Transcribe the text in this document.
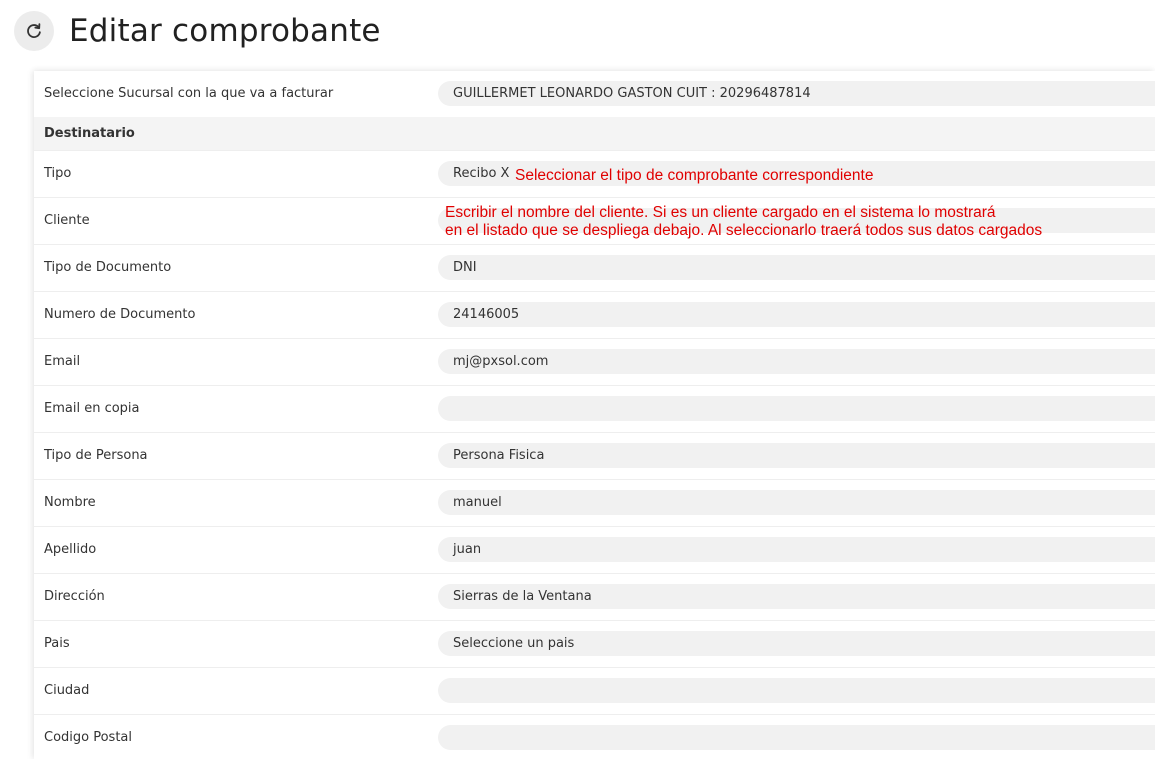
Editar comprobante
Seleccione Sucursal con la que va a facturar	GUILLERMET LEONARDO GASTON CUIT : 20296487814
Destinatario
Tipo	Recibo X
Cliente
Tipo de Documento	DNI
Numero de Documento	24146005
Email	mj@pxsol.com
Email en copia
Tipo de Persona	Persona Fisica
Nombre	manuel
Apellido	juan
Dirección	Sierras de la Ventana
Pais	Seleccione un pais
Ciudad
Codigo Postal
Seleccionar el tipo de comprobante correspondiente
Escribir el nombre del cliente. Si es un cliente cargado en el sistema lo mostrará
en el listado que se despliega debajo. Al seleccionarlo traerá todos sus datos cargados
